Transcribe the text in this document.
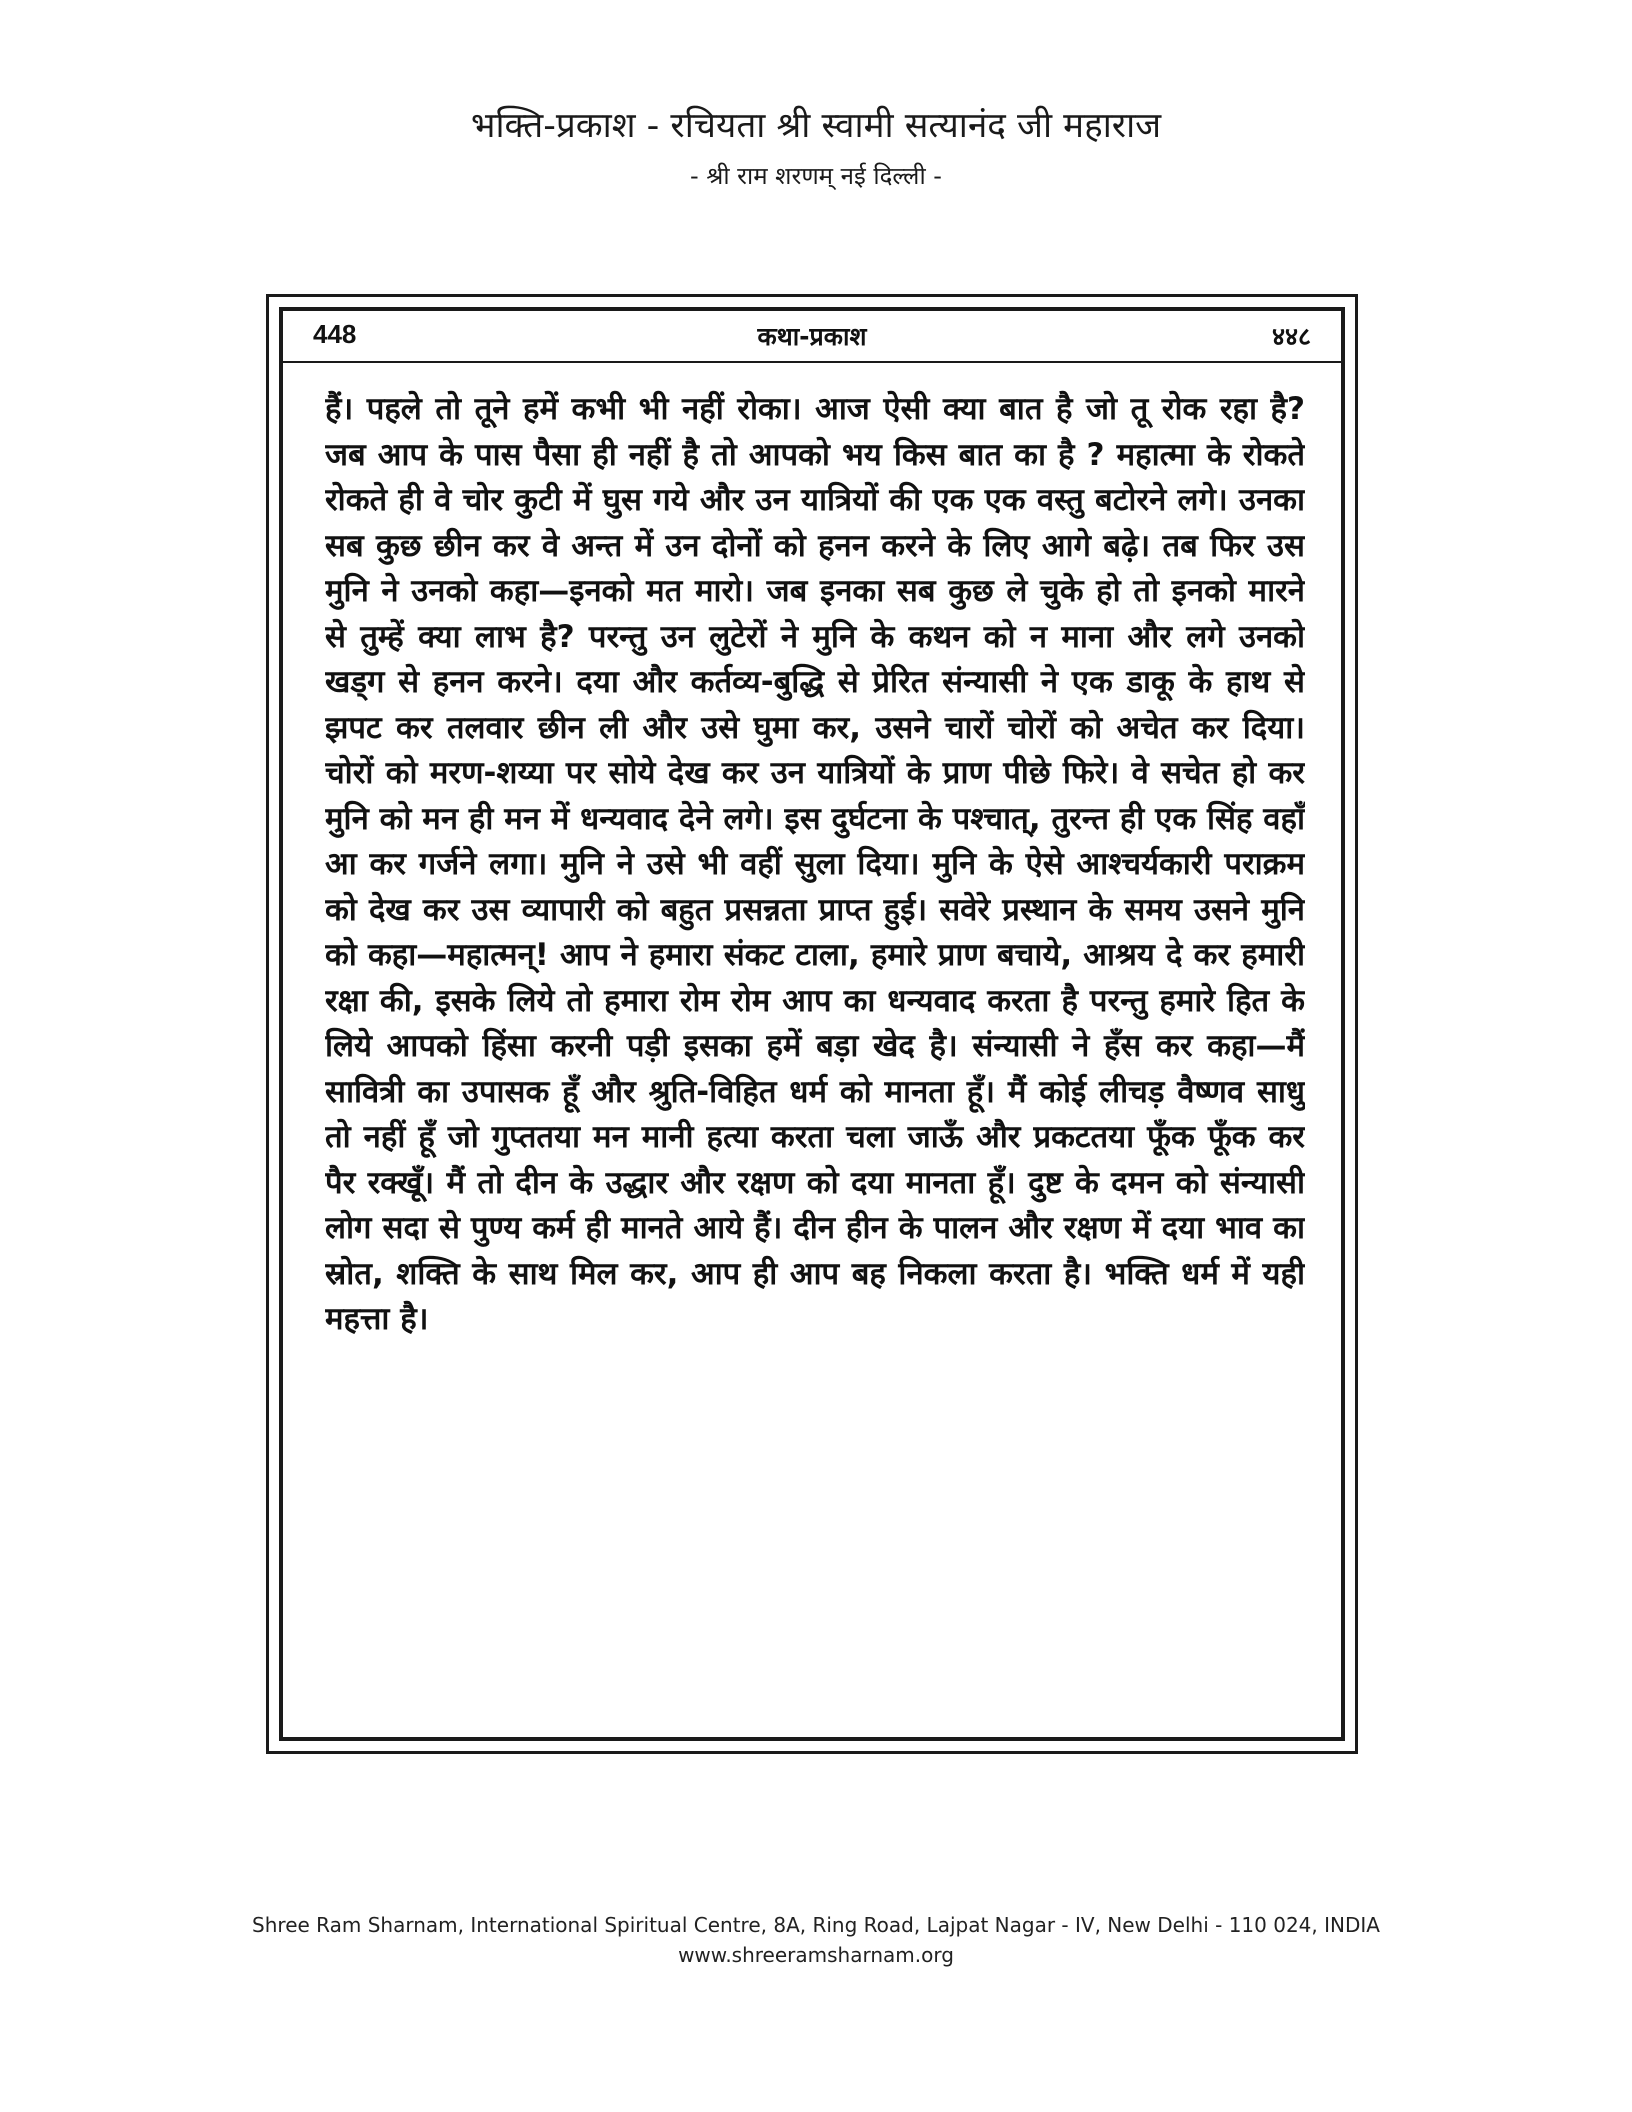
भक्ति-प्रकाश - रचियता श्री स्वामी सत्यानंद जी महाराज
- श्री राम शरणम् नई दिल्ली -
448	कथा-प्रकाश	४४८

हैं। पहले तो तूने हमें कभी भी नहीं रोका। आज ऐसी क्या बात है जो तू रोक रहा है? जब आप के पास पैसा ही नहीं है तो आपको भय किस बात का है ? महात्मा के रोकते रोकते ही वे चोर कुटी में घुस गये और उन यात्रियों की एक एक वस्तु बटोरने लगे। उनका सब कुछ छीन कर वे अन्त में उन दोनों को हनन करने के लिए आगे बढ़े। तब फिर उस मुनि ने उनको कहा—इनको मत मारो। जब इनका सब कुछ ले चुके हो तो इनको मारने से तुम्हें क्या लाभ है? परन्तु उन लुटेरों ने मुनि के कथन को न माना और लगे उनको खड्ग से हनन करने। दया और कर्तव्य-बुद्धि से प्रेरित संन्यासी ने एक डाकू के हाथ से झपट कर तलवार छीन ली और उसे घुमा कर, उसने चारों चोरों को अचेत कर दिया। चोरों को मरण-शय्या पर सोये देख कर उन यात्रियों के प्राण पीछे फिरे। वे सचेत हो कर मुनि को मन ही मन में धन्यवाद देने लगे। इस दुर्घटना के पश्चात्, तुरन्त ही एक सिंह वहाँ आ कर गर्जने लगा। मुनि ने उसे भी वहीं सुला दिया। मुनि के ऐसे आश्चर्यकारी पराक्रम को देख कर उस व्यापारी को बहुत प्रसन्नता प्राप्त हुई। सवेरे प्रस्थान के समय उसने मुनि को कहा—महात्मन्! आप ने हमारा संकट टाला, हमारे प्राण बचाये, आश्रय दे कर हमारी रक्षा की, इसके लिये तो हमारा रोम रोम आप का धन्यवाद करता है परन्तु हमारे हित के लिये आपको हिंसा करनी पड़ी इसका हमें बड़ा खेद है। संन्यासी ने हँस कर कहा—मैं सावित्री का उपासक हूँ और श्रुति-विहित धर्म को मानता हूँ। मैं कोई लीचड़ वैष्णव साधु तो नहीं हूँ जो गुप्ततया मन मानी हत्या करता चला जाऊँ और प्रकटतया फूँक फूँक कर पैर रक्खूँ। मैं तो दीन के उद्धार और रक्षण को दया मानता हूँ। दुष्ट के दमन को संन्यासी लोग सदा से पुण्य कर्म ही मानते आये हैं। दीन हीन के पालन और रक्षण में दया भाव का स्रोत, शक्ति के साथ मिल कर, आप ही आप बह निकला करता है। भक्ति धर्म में यही महत्ता है।

Shree Ram Sharnam, International Spiritual Centre, 8A, Ring Road, Lajpat Nagar - IV, New Delhi - 110 024, INDIA
www.shreeramsharnam.org
